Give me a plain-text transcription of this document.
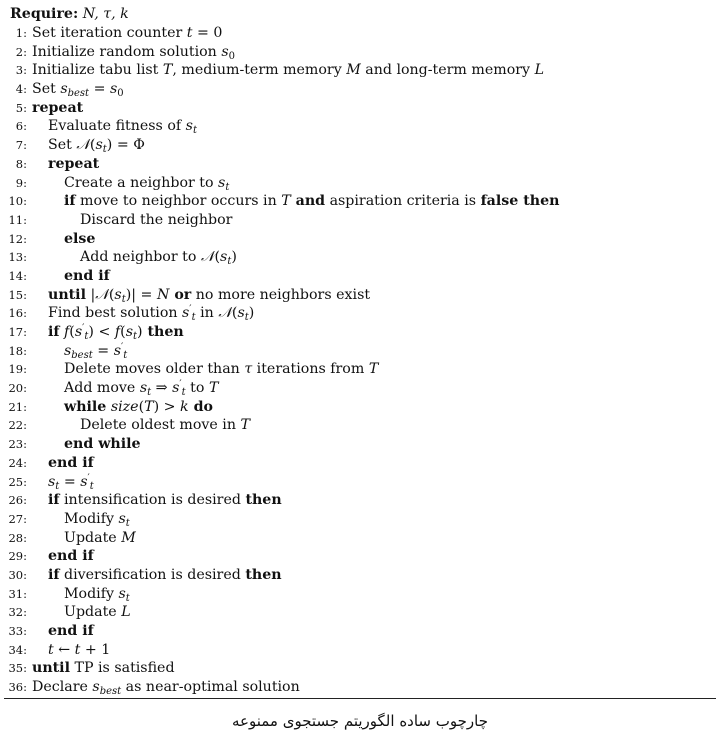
Require: N, τ, k
1: Set iteration counter t = 0
2: Initialize random solution $s_0$
3: Initialize tabu list T, medium-term memory M and long-term memory L
4: Set $s_{best} = s_0$
5: repeat
6: Evaluate fitness of $s_t$
7: Set $𝒩(s_t) = \Phi$
8: repeat
9:	Create a neighbor to $s_t$
10:	if move to neighbor occurs in T and aspiration criteria is false then
11:	Discard the neighbor
12:	else
13:	Add neighbor to $𝒩(s_t)$
14:	end if
15: until $|𝒩(s_t)| = N$ or no more neighbors exist
16: Find best solution $s'_t$ in $𝒩(s_t)$
17: if $f(s'_t) < f(s_t)$ then
18:	$s_{best} = s'_t$
19:	Delete moves older than τ iterations from T
20:	Add move $s_t$ ⇒ $s'_t$ to T
21:	while size(T) > k do
22:	Delete oldest move in T
23:	end while
24: end if
25: $s_t = s'_t$
26: if intensification is desired then
27:	Modify $s_t$
28:	Update M
29: end if
30: if diversification is desired then
31:	Modify $s_t$
32:	Update L
33: end if
34: t ← t + 1
35: until TP is satisfied
36: Declare $s_{best}$ as near-optimal solution
چارچوب ساده الگوریتم جستجوی ممنوعه
